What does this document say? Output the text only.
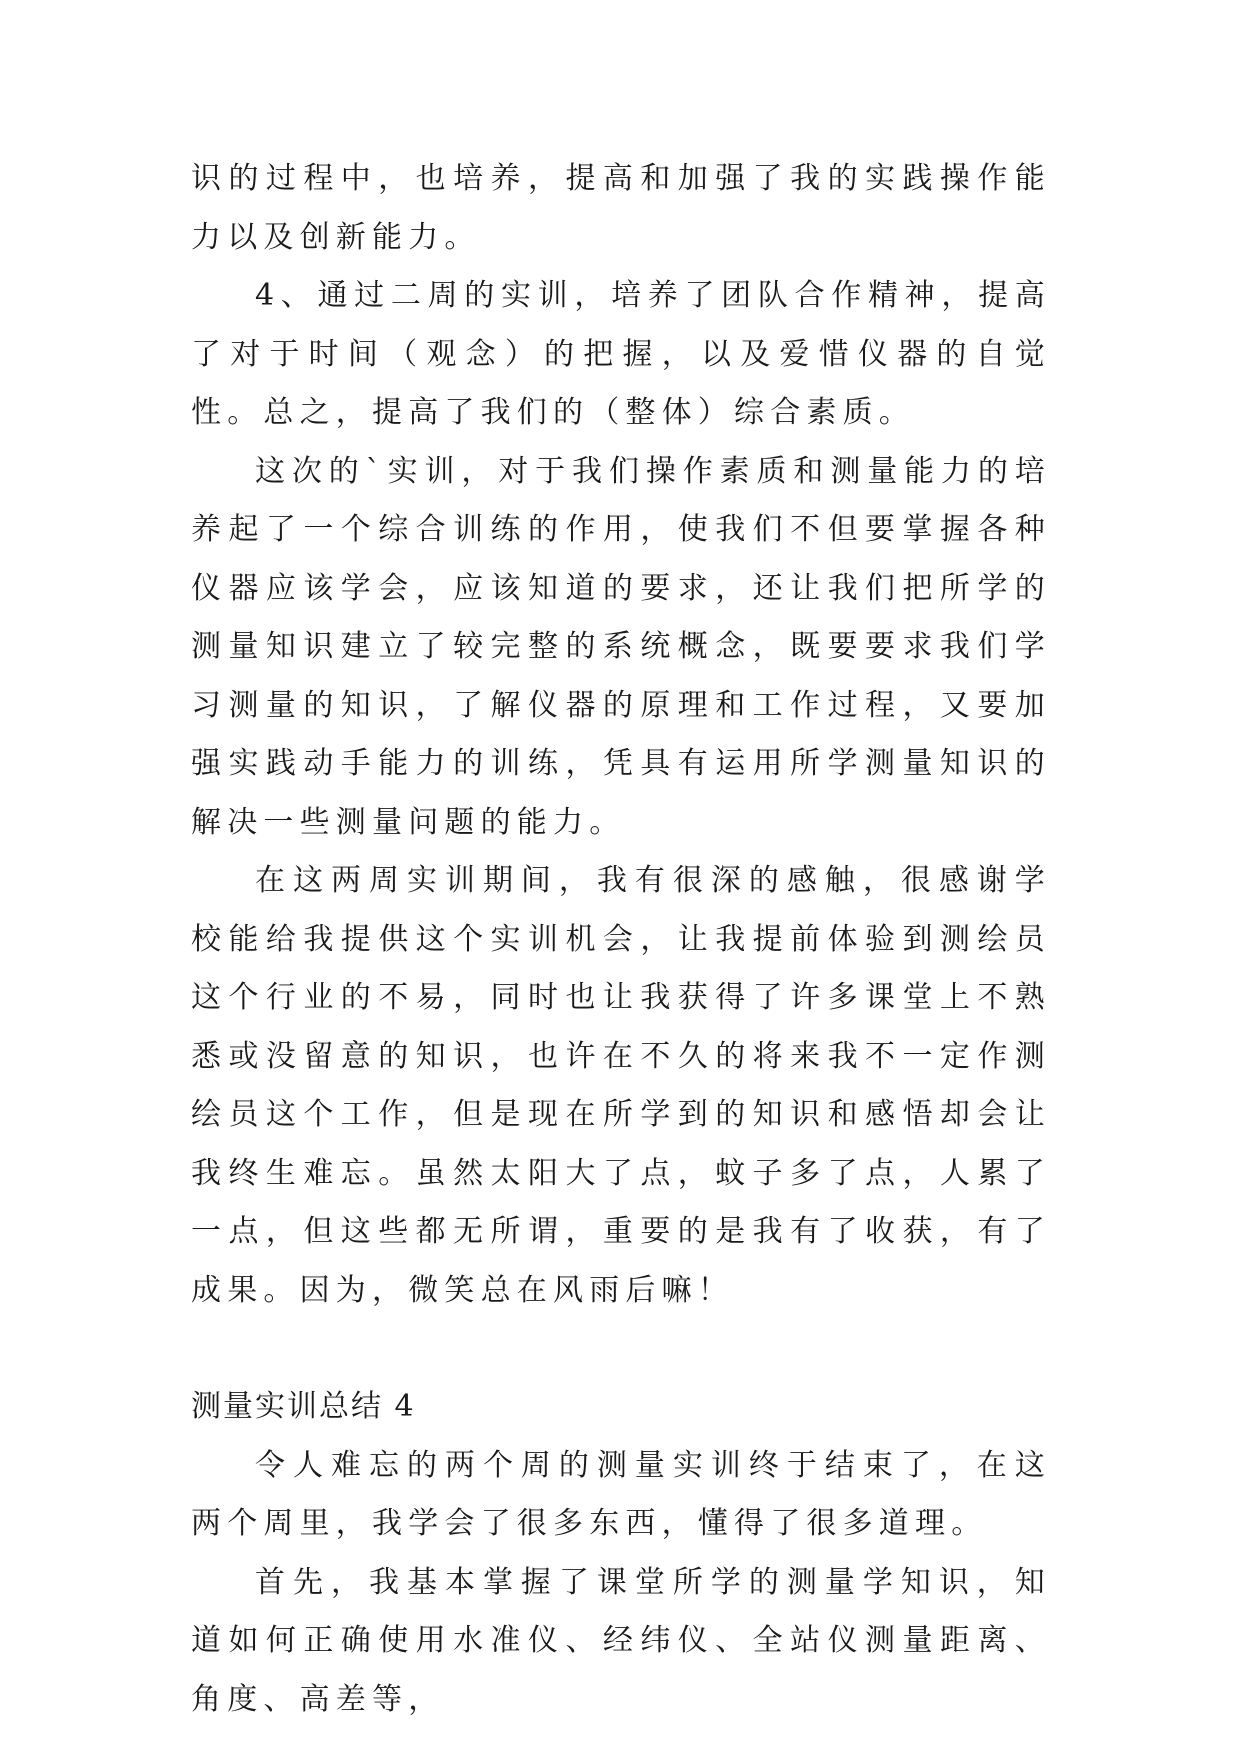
识的过程中，也培养，提高和加强了我的实践操作能力以及创新能力。

4、通过二周的实训，培养了团队合作精神，提高了对于时间（观念）的把握，以及爱惜仪器的自觉性。总之，提高了我们的（整体）综合素质。

这次的`实训，对于我们操作素质和测量能力的培养起了一个综合训练的作用，使我们不但要掌握各种仪器应该学会，应该知道的要求，还让我们把所学的测量知识建立了较完整的系统概念，既要要求我们学习测量的知识，了解仪器的原理和工作过程，又要加强实践动手能力的训练，凭具有运用所学测量知识的解决一些测量问题的能力。

在这两周实训期间，我有很深的感触，很感谢学校能给我提供这个实训机会，让我提前体验到测绘员这个行业的不易，同时也让我获得了许多课堂上不熟悉或没留意的知识，也许在不久的将来我不一定作测绘员这个工作，但是现在所学到的知识和感悟却会让我终生难忘。虽然太阳大了点，蚊子多了点，人累了一点，但这些都无所谓，重要的是我有了收获，有了成果。因为，微笑总在风雨后嘛！

测量实训总结 4

令人难忘的两个周的测量实训终于结束了，在这两个周里，我学会了很多东西，懂得了很多道理。

首先，我基本掌握了课堂所学的测量学知识，知道如何正确使用水准仪、经纬仪、全站仪测量距离、角度、高差等，
